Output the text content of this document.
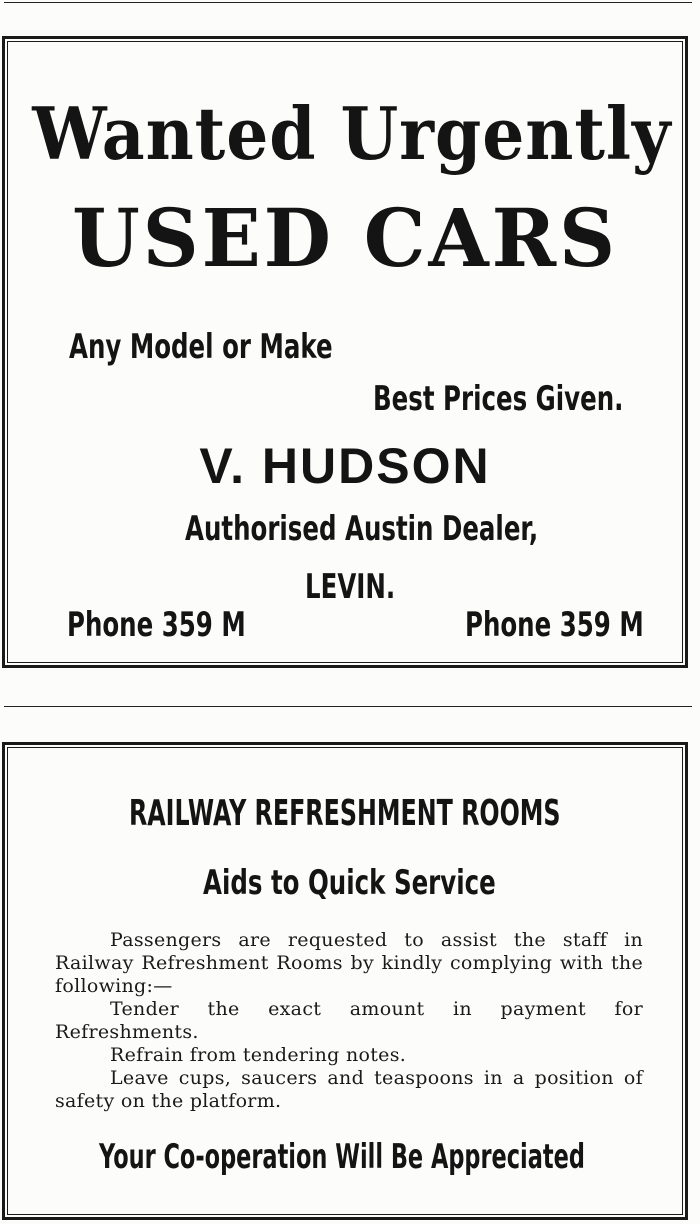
Wanted Urgently
USED CARS
Any Model or Make
Best Prices Given.
V. HUDSON
Authorised Austin Dealer,
LEVIN.
Phone 359 M	Phone 359 M
RAILWAY REFRESHMENT ROOMS
Aids to Quick Service

Passengers are requested to assist the staff in Railway Refreshment Rooms by kindly complying with the following:—

Tender the exact amount in payment for Refreshments.

Refrain from tendering notes.

Leave cups, saucers and teaspoons in a position of safety on the platform.

Your Co-operation Will Be Appreciated
